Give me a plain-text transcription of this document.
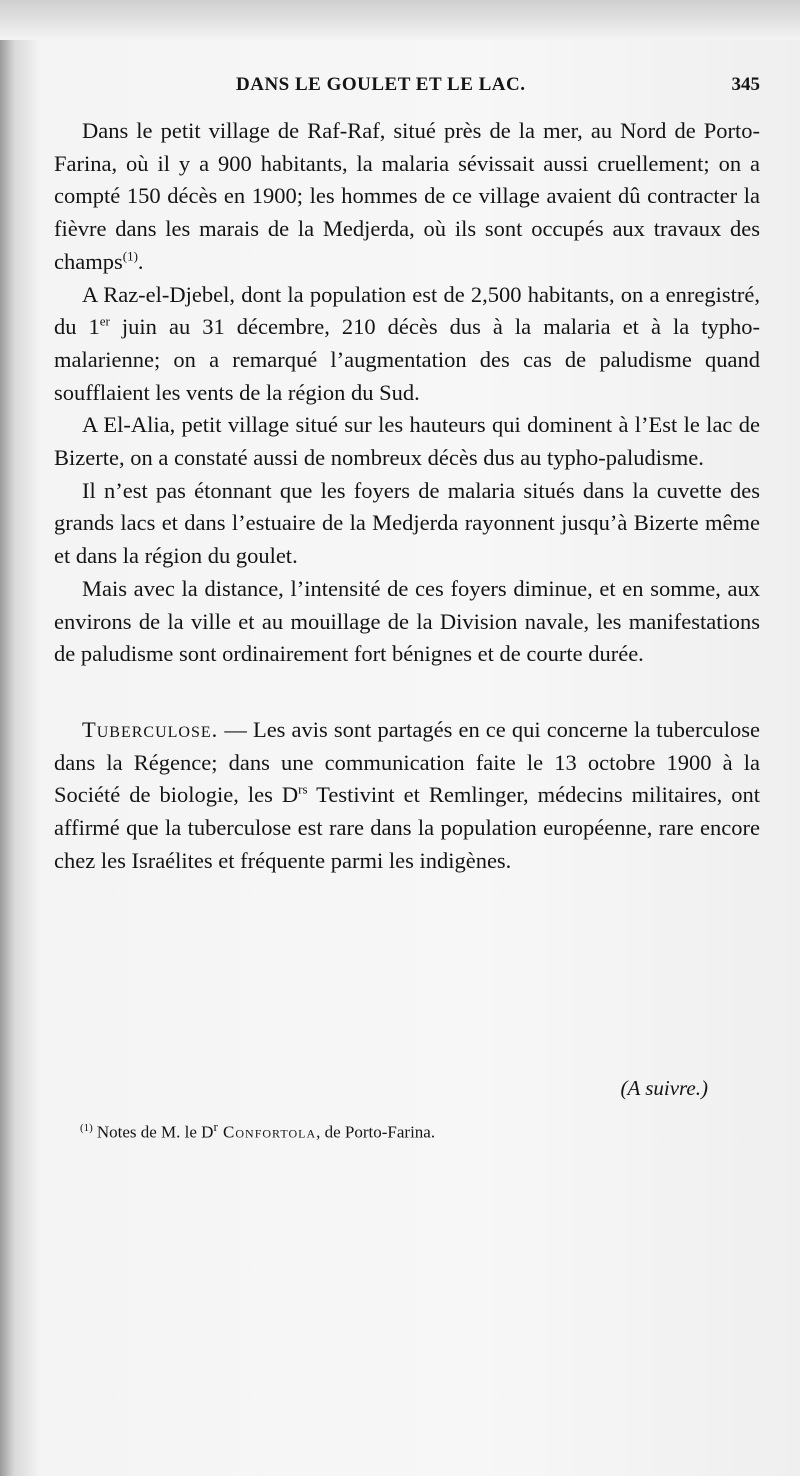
DANS LE GOULET ET LE LAC.	345

Dans le petit village de Raf-Raf, situé près de la mer, au Nord de Porto-Farina, où il y a 900 habitants, la malaria sévissait aussi cruellement; on a compté 150 décès en 1900; les hommes de ce village avaient dû contracter la fièvre dans les marais de la Medjerda, où ils sont occupés aux travaux des champs$^{(1)}$.

A Raz-el-Djebel, dont la population est de 2,500 habitants, on a enregistré, du 1er juin au 31 décembre, 210 décès dus à la malaria et à la typho-malarienne; on a remarqué l’augmentation des cas de paludisme quand soufflaient les vents de la région du Sud.

A El-Alia, petit village situé sur les hauteurs qui dominent à l’Est le lac de Bizerte, on a constaté aussi de nombreux décès dus au typho-paludisme.

Il n’est pas étonnant que les foyers de malaria situés dans la cuvette des grands lacs et dans l’estuaire de la Medjerda rayonnent jusqu’à Bizerte même et dans la région du goulet.

Mais avec la distance, l’intensité de ces foyers diminue, et en somme, aux environs de la ville et au mouillage de la Division navale, les manifestations de paludisme sont ordinairement fort bénignes et de courte durée.

Tuberculose. — Les avis sont partagés en ce qui concerne la tuberculose dans la Régence; dans une communication faite le 13 octobre 1900 à la Société de biologie, les $D^{rs}$ Testivint et Remlinger, médecins militaires, ont affirmé que la tuberculose est rare dans la population européenne, rare encore chez les Israélites et fréquente parmi les indigènes.

(A suivre.)
$^{(1)}$ Notes de M. le $D^r$ Confortola, de Porto-Farina.
